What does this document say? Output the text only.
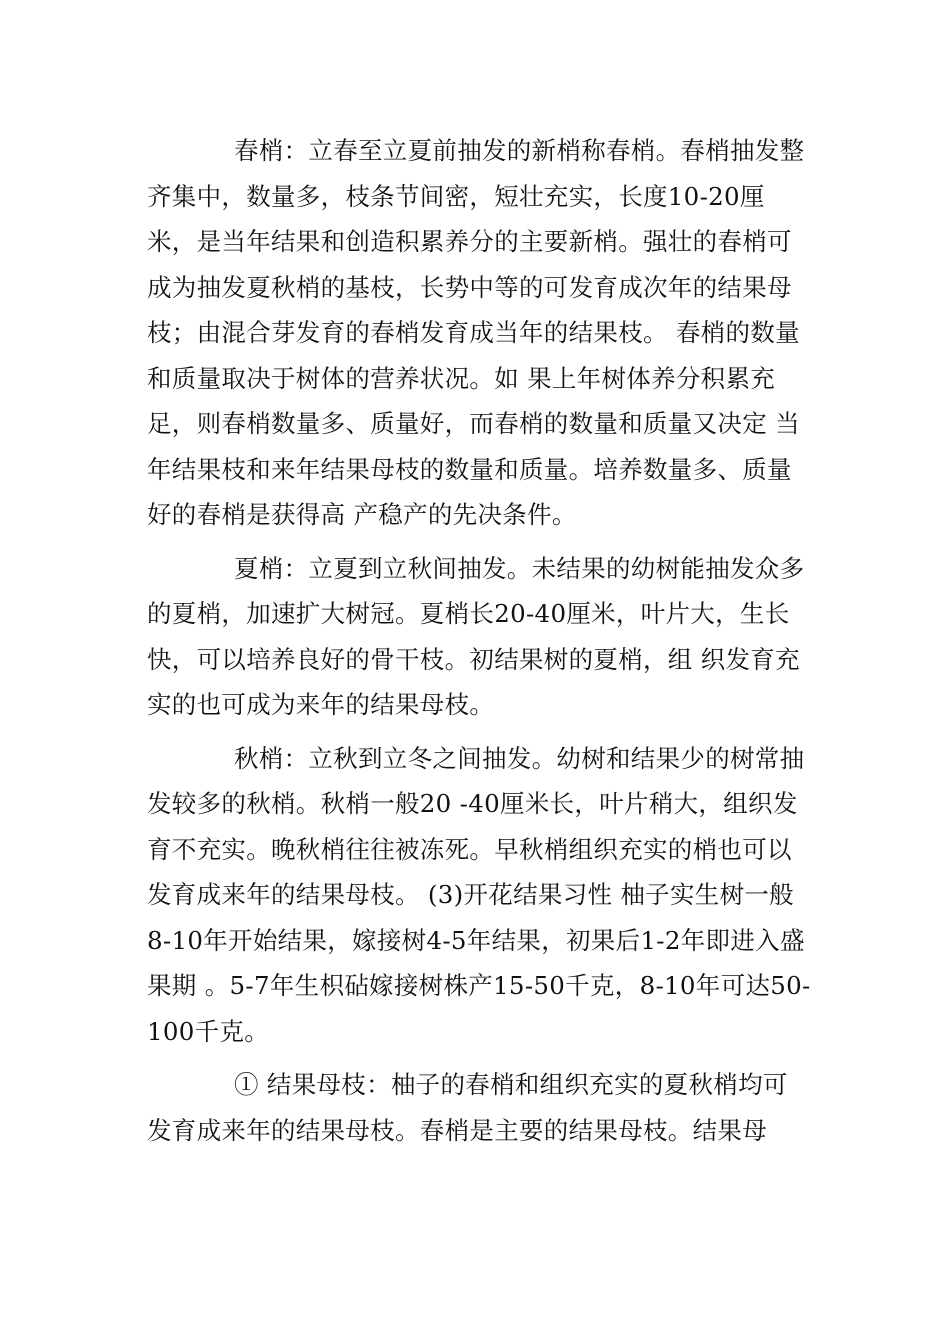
春梢：立春至立夏前抽发的新梢称春梢。春梢抽发整齐集中，数量多，枝条节间密，短壮充实，长度10-20厘米，是当年结果和创造积累养分的主要新梢。强壮的春梢可成为抽发夏秋梢的基枝，长势中等的可发育成次年的结果母枝；由混合芽发育的春梢发育成当年的结果枝。 春梢的数量和质量取决于树体的营养状况。如 果上年树体养分积累充足，则春梢数量多、质量好，而春梢的数量和质量又决定 当年结果枝和来年结果母枝的数量和质量。培养数量多、质量好的春梢是获得高 产稳产的先决条件。

夏梢：立夏到立秋间抽发。未结果的幼树能抽发众多的夏梢，加速扩大树冠。夏梢长20-40厘米，叶片大，生长快，可以培养良好的骨干枝。初结果树的夏梢，组 织发育充实的也可成为来年的结果母枝。

秋梢：立秋到立冬之间抽发。幼树和结果少的树常抽发较多的秋梢。秋梢一般20 -40厘米长，叶片稍大，组织发育不充实。晚秋梢往往被冻死。早秋梢组织充实的梢也可以发育成来年的结果母枝。 (3)开花结果习性 柚子实生树一般8-10年开始结果，嫁接树4-5年结果，初果后1-2年即进入盛果期 。5-7年生枳砧嫁接树株产15-50千克，8-10年可达50-100千克。

① 结果母枝：柚子的春梢和组织充实的夏秋梢均可发育成来年的结果母枝。春梢是主要的结果母枝。结果母
